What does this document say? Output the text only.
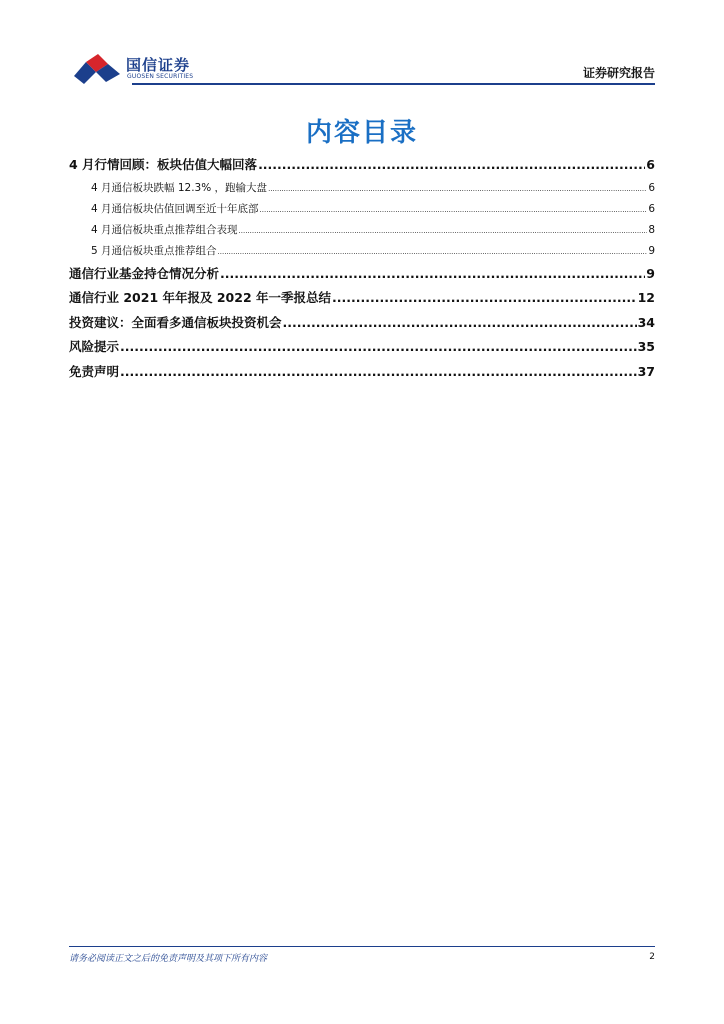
国信证券
GUOSEN SECURITIES	证券研究报告
内容目录
4 月行情回顾：板块估值大幅回落 .....	6
4 月通信板块跌幅 12.3% ，跑输大盘 .....	6
4 月通信板块估值回调至近十年底部 .....	6
4 月通信板块重点推荐组合表现 .....	8
5 月通信板块重点推荐组合 .....	9
通信行业基金持仓情况分析 .....	9
通信行业 2021 年年报及 2022 年一季报总结 .....	12
投资建议：全面看多通信板块投资机会 .....	34
风险提示 .....	35
免责声明 .....	37
请务必阅读正文之后的免责声明及其项下所有内容	2
